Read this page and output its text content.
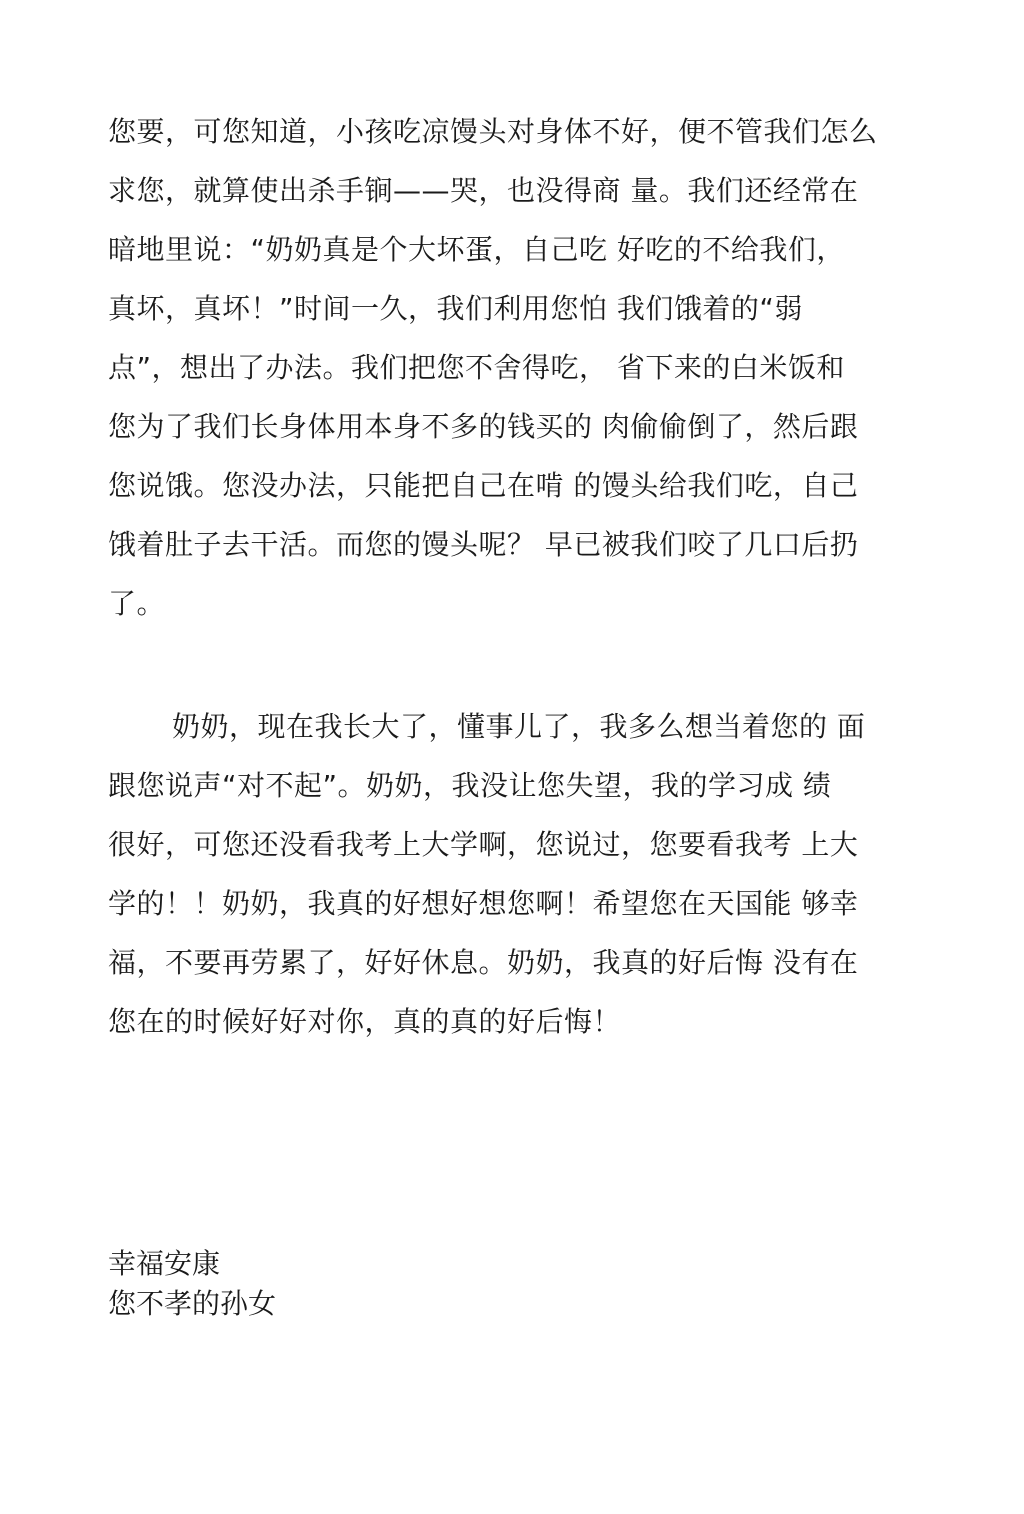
您要，可您知道，小孩吃凉馒头对身体不好，便不管我们怎么
求您，就算使出杀手锏——哭，也没得商 量。我们还经常在
暗地里说：“奶奶真是个大坏蛋，自己吃 好吃的不给我们，
真坏，真坏！”时间一久，我们利用您怕 我们饿着的“弱
点”，想出了办法。我们把您不舍得吃， 省下来的白米饭和
您为了我们长身体用本身不多的钱买的 肉偷偷倒了，然后跟
您说饿。您没办法，只能把自己在啃 的馒头给我们吃，自己
饿着肚子去干活。而您的馒头呢？ 早已被我们咬了几口后扔
了。
奶奶，现在我长大了，懂事儿了，我多么想当着您的 面
跟您说声“对不起”。奶奶，我没让您失望，我的学习成 绩
很好，可您还没看我考上大学啊，您说过，您要看我考 上大
学的！！奶奶，我真的好想好想您啊！希望您在天国能 够幸
福，不要再劳累了，好好休息。奶奶，我真的好后悔 没有在
您在的时候好好对你，真的真的好后悔！
幸福安康
您不孝的孙女
